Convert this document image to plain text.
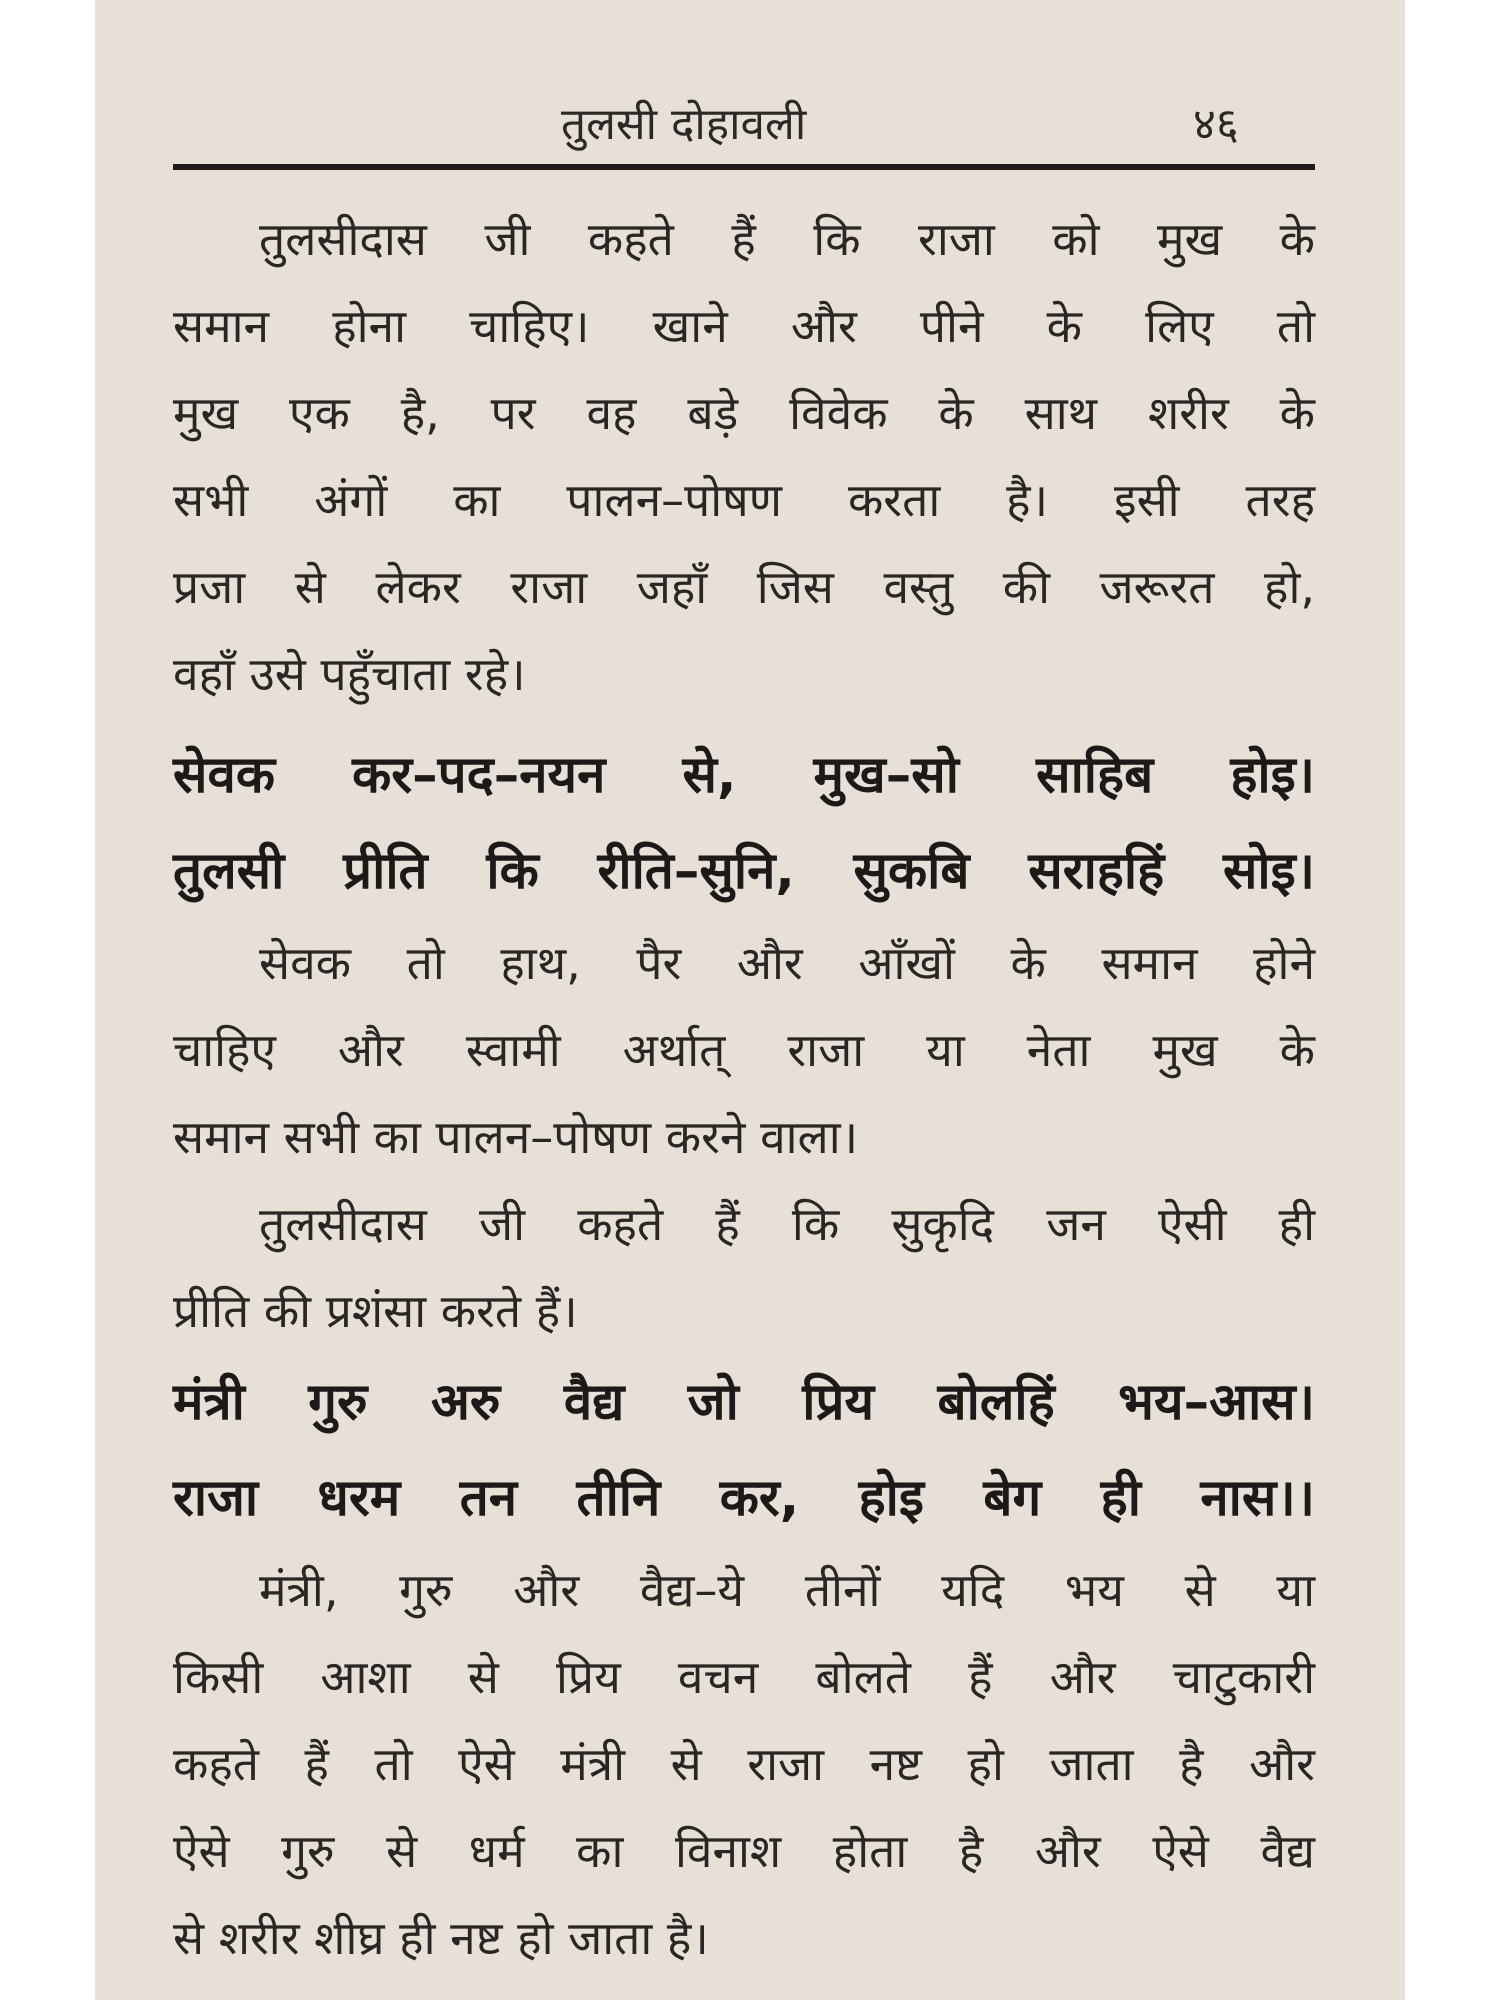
तुलसी दोहावली	४६
तुलसीदास जी कहते हैं कि राजा को मुख के
समान होना चाहिए। खाने और पीने के लिए तो
मुख एक है, पर वह बड़े विवेक के साथ शरीर के
सभी अंगों का पालन–पोषण करता है। इसी तरह
प्रजा से लेकर राजा जहाँ जिस वस्तु की जरूरत हो,
वहाँ उसे पहुँचाता रहे।
सेवक कर–पद–नयन से, मुख–सो साहिब होइ।
तुलसी प्रीति कि रीति–सुनि, सुकबि सराहहिं सोइ।
सेवक तो हाथ, पैर और आँखों के समान होने
चाहिए और स्वामी अर्थात् राजा या नेता मुख के
समान सभी का पालन–पोषण करने वाला।
तुलसीदास जी कहते हैं कि सुकृदि जन ऐसी ही
प्रीति की प्रशंसा करते हैं।
मंत्री गुरु अरु वैद्य जो प्रिय बोलहिं भय–आस।
राजा धरम तन तीनि कर, होइ बेग ही नास।।
मंत्री, गुरु और वैद्य–ये तीनों यदि भय से या
किसी आशा से प्रिय वचन बोलते हैं और चाटुकारी
कहते हैं तो ऐसे मंत्री से राजा नष्ट हो जाता है और
ऐसे गुरु से धर्म का विनाश होता है और ऐसे वैद्य
से शरीर शीघ्र ही नष्ट हो जाता है।
